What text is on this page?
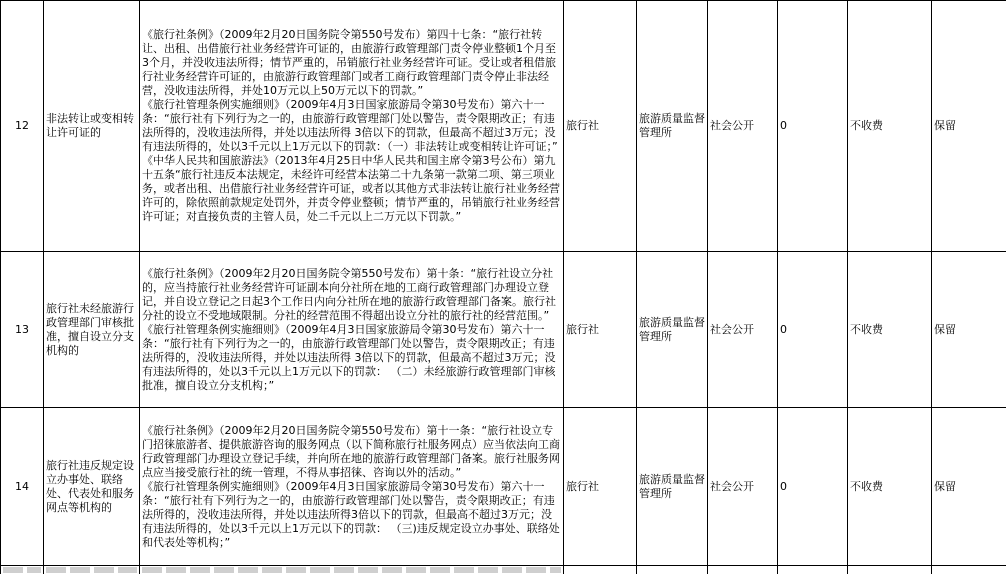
12	非法转让或变相转让许可证的	《旅行社条例》（2009年2月20日国务院令第550号发布）第四十七条：“旅行社转让、出租、出借旅行社业务经营许可证的，由旅游行政管理部门责令停业整顿1个月至3个月，并没收违法所得；情节严重的，吊销旅行社业务经营许可证。受让或者租借旅行社业务经营许可证的，由旅游行政管理部门或者工商行政管理部门责令停止非法经营，没收违法所得，并处10万元以上50万元以下的罚款。”
《旅行社管理条例实施细则》（2009年4月3日国家旅游局令第30号发布）第六十一条：“旅行社有下列行为之一的，由旅游行政管理部门处以警告，责令限期改正；有违法所得的，没收违法所得，并处以违法所得 3倍以下的罚款，但最高不超过3万元；没有违法所得的，处以3千元以上1万元以下的罚款：（一）非法转让或变相转让许可证；”
《中华人民共和国旅游法》（2013年4月25日中华人民共和国主席令第3号公布）第九十五条“旅行社违反本法规定，未经许可经营本法第二十九条第一款第二项、第三项业务，或者出租、出借旅行社业务经营许可证，或者以其他方式非法转让旅行社业务经营许可的，除依照前款规定处罚外，并责令停业整顿；情节严重的，吊销旅行社业务经营许可证；对直接负责的主管人员，处二千元以上二万元以下罚款。”	旅行社	旅游质量监督管理所	社会公开	0	不收费	保留
13	旅行社未经旅游行政管理部门审核批准，擅自设立分支机构的	《旅行社条例》（2009年2月20日国务院令第550号发布）第十条：“旅行社设立分社的，应当持旅行社业务经营许可证副本向分社所在地的工商行政管理部门办理设立登记，并自设立登记之日起3个工作日内向分社所在地的旅游行政管理部门备案。旅行社分社的设立不受地域限制。分社的经营范围不得超出设立分社的旅行社的经营范围。”
《旅行社管理条例实施细则》（2009年4月3日国家旅游局令第30号发布）第六十一条：“旅行社有下列行为之一的，由旅游行政管理部门处以警告，责令限期改正；有违法所得的，没收违法所得，并处以违法所得 3倍以下的罚款，但最高不超过3万元；没有违法所得的，处以3千元以上1万元以下的罚款： （二）未经旅游行政管理部门审核批准，擅自设立分支机构；”	旅行社	旅游质量监督管理所	社会公开	0	不收费	保留
14	旅行社违反规定设立办事处、联络处、代表处和服务网点等机构的	《旅行社条例》（2009年2月20日国务院令第550号发布）第十一条：“旅行社设立专门招徕旅游者、提供旅游咨询的服务网点（以下简称旅行社服务网点）应当依法向工商行政管理部门办理设立登记手续，并向所在地的旅游行政管理部门备案。旅行社服务网点应当接受旅行社的统一管理，不得从事招徕、咨询以外的活动。”
《旅行社管理条例实施细则》（2009年4月3日国家旅游局令第30号发布）第六十一条：“旅行社有下列行为之一的，由旅游行政管理部门处以警告，责令限期改正；有违法所得的，没收违法所得，并处以违法所得3倍以下的罚款，但最高不超过3万元；没有违法所得的，处以3千元以上1万元以下的罚款： （三)违反规定设立办事处、联络处和代表处等机构；”	旅行社	旅游质量监督管理所	社会公开	0	不收费	保留
